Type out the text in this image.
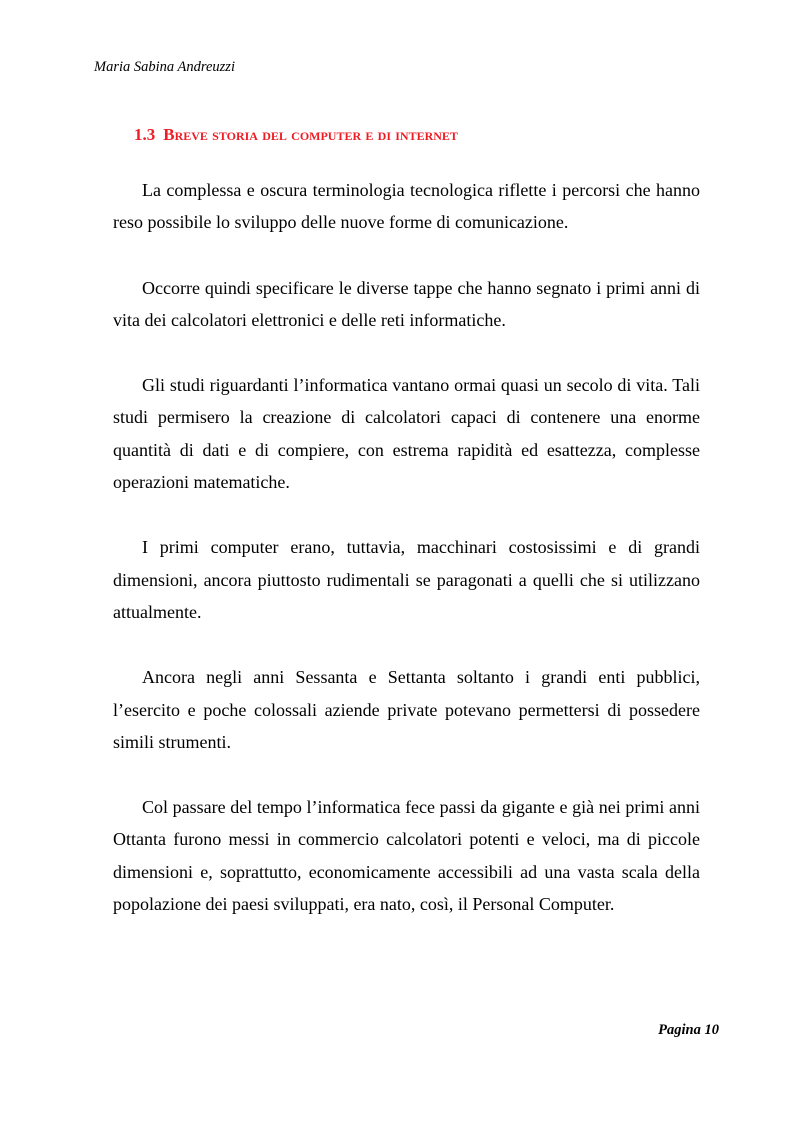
Maria Sabina Andreuzzi
1.3 Breve storia del computer e di internet

La complessa e oscura terminologia tecnologica riflette i percorsi che hanno reso possibile lo sviluppo delle nuove forme di comunicazione.

Occorre quindi specificare le diverse tappe che hanno segnato i primi anni di vita dei calcolatori elettronici e delle reti informatiche.

Gli studi riguardanti l’informatica vantano ormai quasi un secolo di vita. Tali studi permisero la creazione di calcolatori capaci di contenere una enorme quantità di dati e di compiere, con estrema rapidità ed esattezza, complesse operazioni matematiche.

I primi computer erano, tuttavia, macchinari costosissimi e di grandi dimensioni, ancora piuttosto rudimentali se paragonati a quelli che si utilizzano attualmente.

Ancora negli anni Sessanta e Settanta soltanto i grandi enti pubblici, l’esercito e poche colossali aziende private potevano permettersi di possedere simili strumenti.

Col passare del tempo l’informatica fece passi da gigante e già nei primi anni Ottanta furono messi in commercio calcolatori potenti e veloci, ma di piccole dimensioni e, soprattutto, economicamente accessibili ad una vasta scala della popolazione dei paesi sviluppati, era nato, così, il Personal Computer.

Pagina 10
